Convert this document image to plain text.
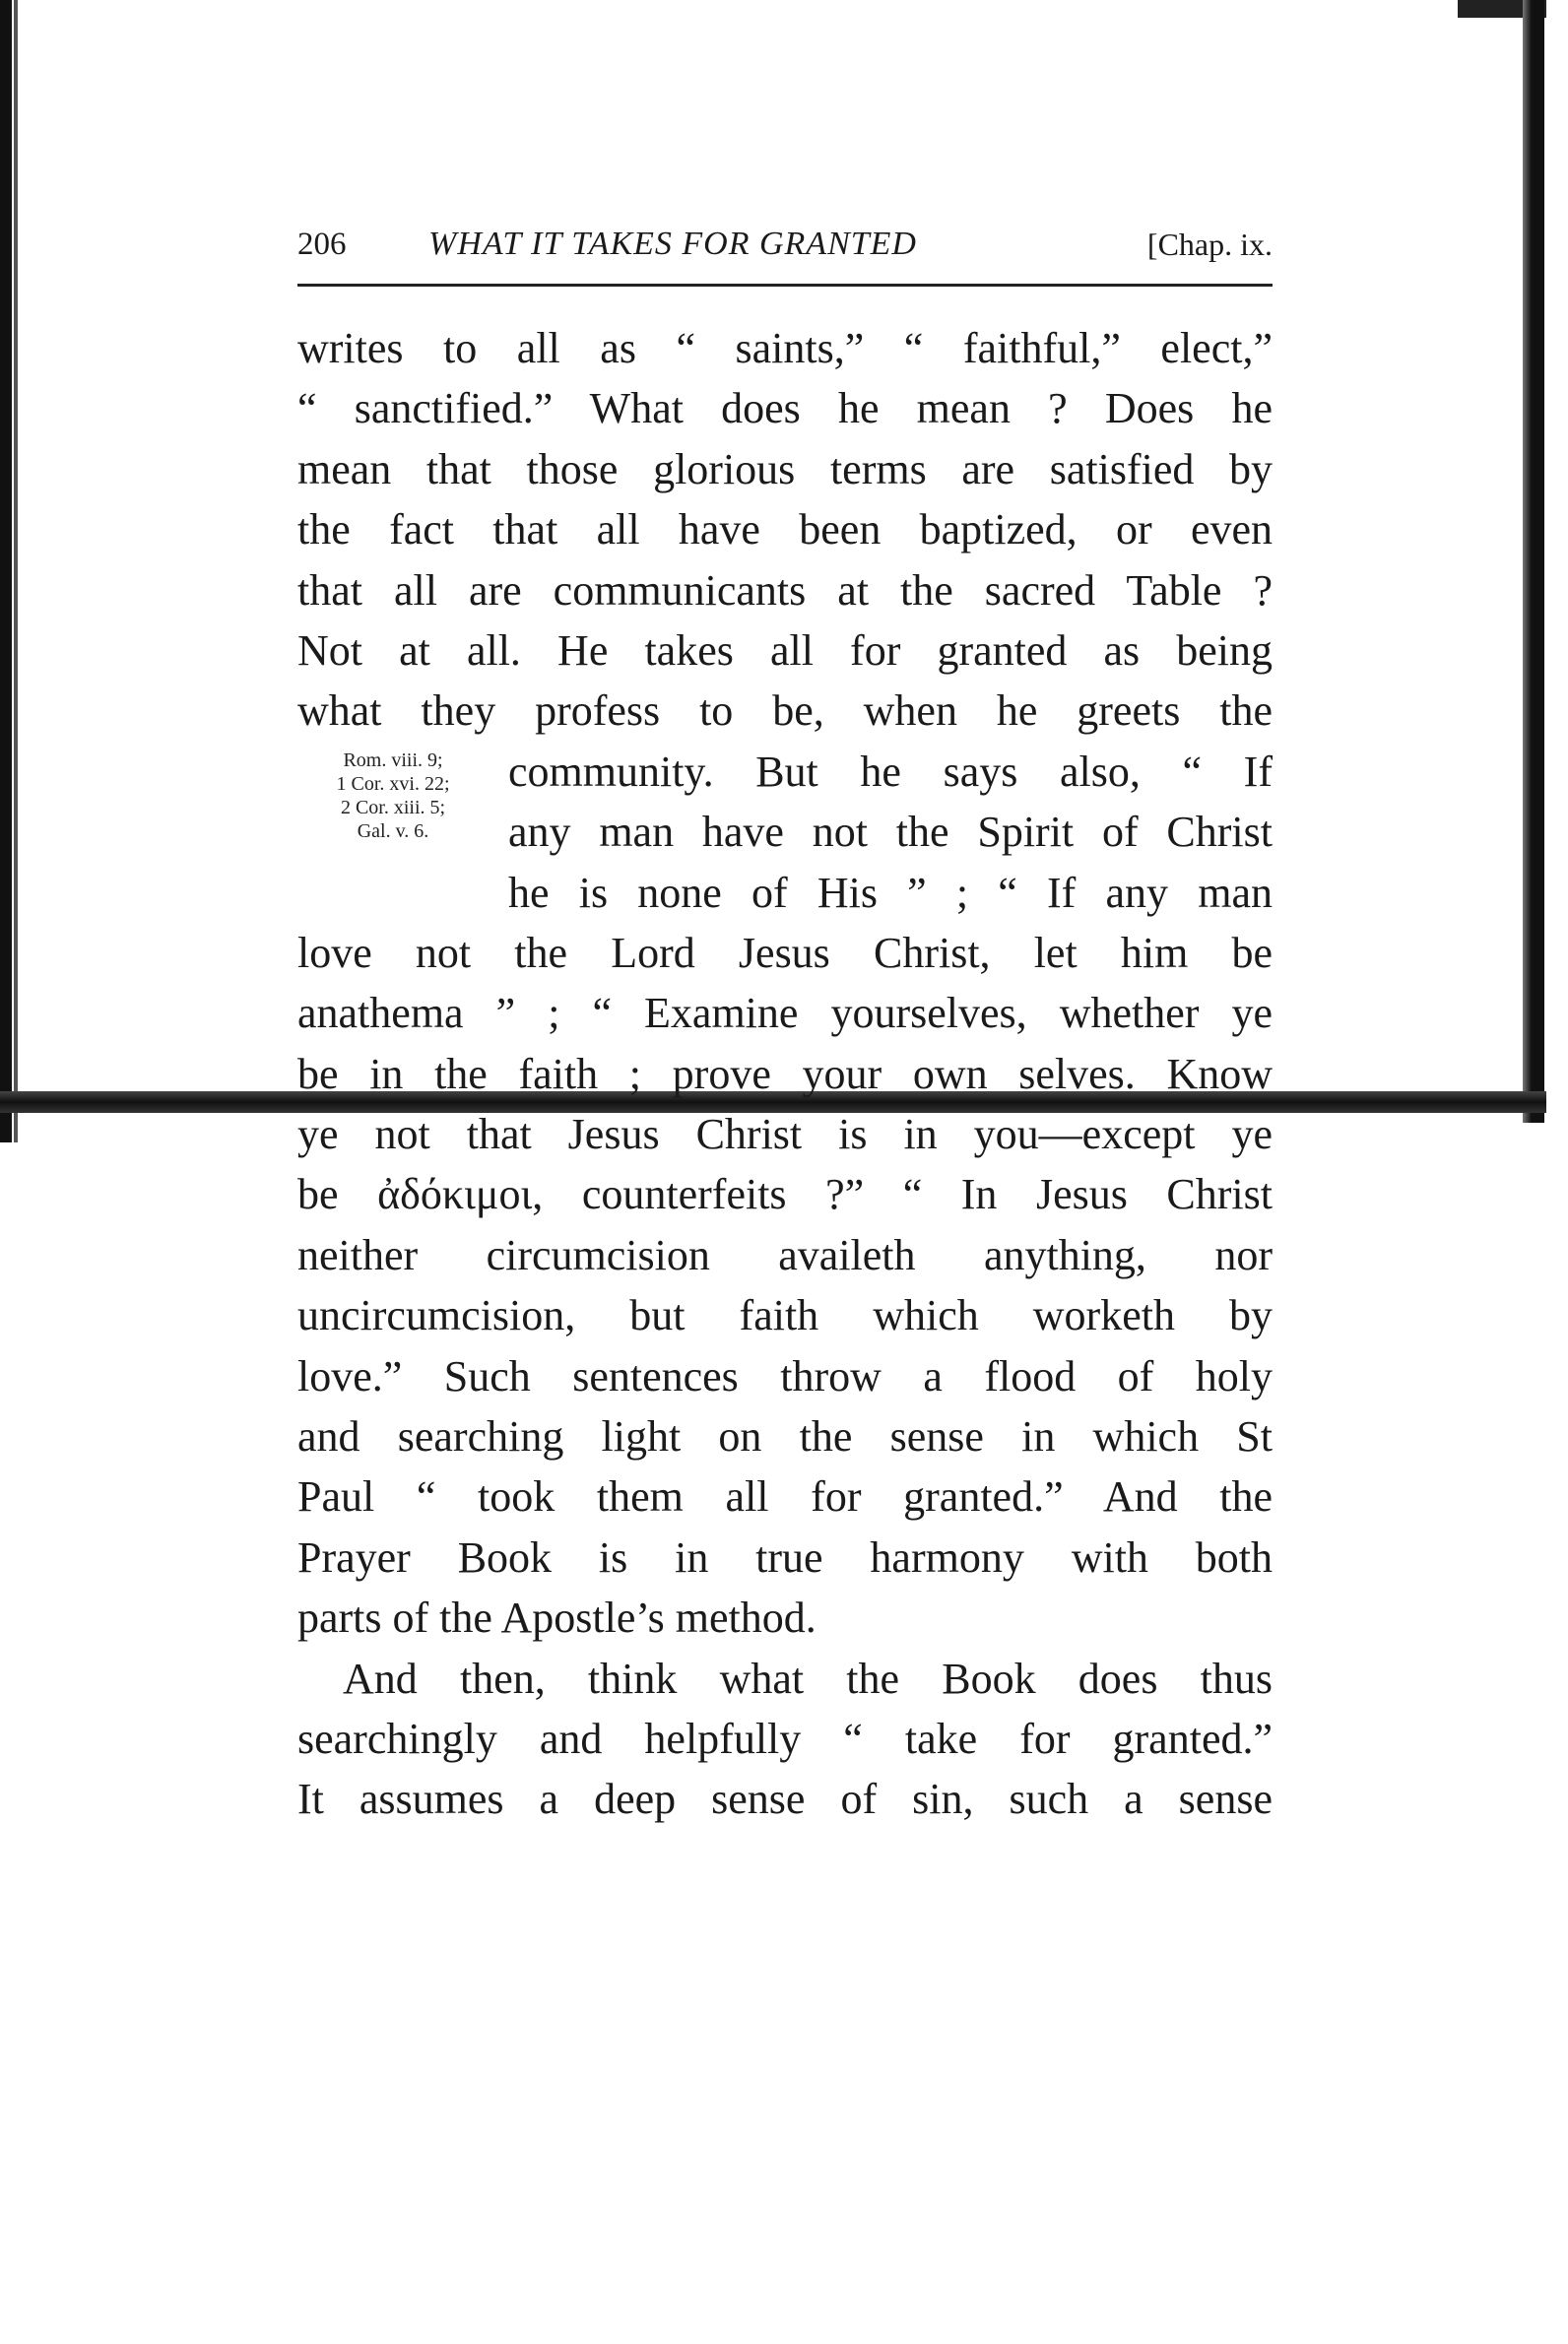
206 WHAT IT TAKES FOR GRANTED	[Chap. ix.
Rom. viii. 9;
1 Cor. xvi. 22;
2 Cor. xiii. 5;
Gal. v. 6.
writes to all as “ saints,” “ faithful,” elect,”
“ sanctified.” What does he mean ? Does he
mean that those glorious terms are satisfied by
the fact that all have been baptized, or even
that all are communicants at the sacred Table ?
Not at all. He takes all for granted as being
what they profess to be, when he greets the
community. But he says also, “ If
any man have not the Spirit of Christ
he is none of His ” ; “ If any man
love not the Lord Jesus Christ, let him be
anathema ” ; “ Examine yourselves, whether ye
be in the faith ; prove your own selves. Know
ye not that Jesus Christ is in you—except ye
be ἀδόκιμοι, counterfeits ?” “ In Jesus Christ
neither circumcision availeth anything, nor
uncircumcision, but faith which worketh by
love.” Such sentences throw a flood of holy
and searching light on the sense in which St
Paul “ took them all for granted.” And the
Prayer Book is in true harmony with both
parts of the Apostle’s method.
And then, think what the Book does thus
searchingly and helpfully “ take for granted.”
It assumes a deep sense of sin, such a sense
